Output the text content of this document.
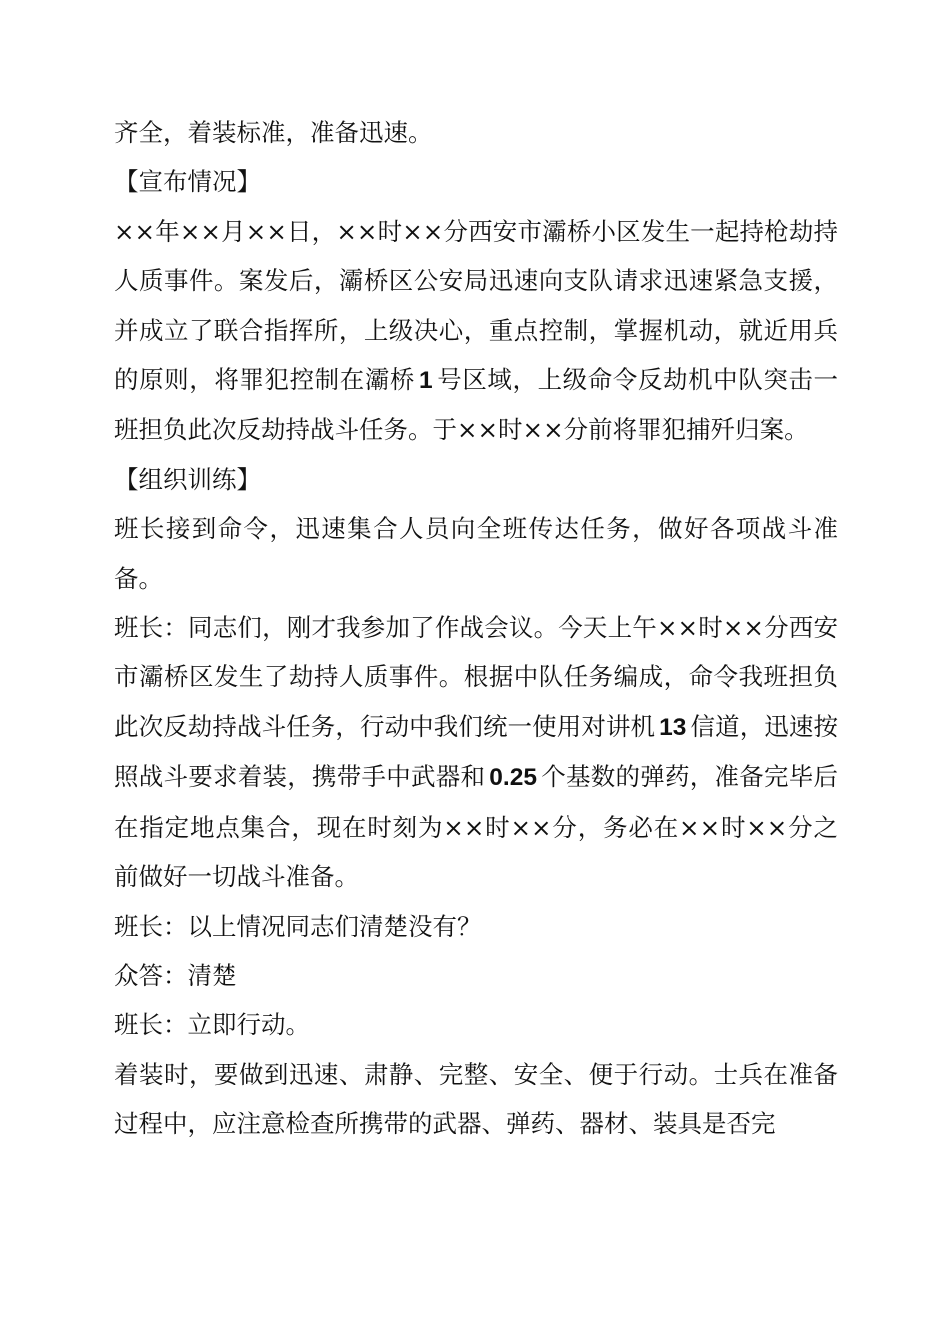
齐全，着装标准，准备迅速。

【宣布情况】

××年××月××日，××时××分西安市灞桥小区发生一起持枪劫持人质事件。案发后，灞桥区公安局迅速向支队请求迅速紧急支援，并成立了联合指挥所，上级决心，重点控制，掌握机动，就近用兵的原则，将罪犯控制在灞桥 1 号区域，上级命令反劫机中队突击一班担负此次反劫持战斗任务。于××时××分前将罪犯捕歼归案。

【组织训练】

班长接到命令，迅速集合人员向全班传达任务，做好各项战斗准备。

班长：同志们，刚才我参加了作战会议。今天上午××时××分西安市灞桥区发生了劫持人质事件。根据中队任务编成，命令我班担负此次反劫持战斗任务，行动中我们统一使用对讲机 13 信道，迅速按照战斗要求着装，携带手中武器和 0.25 个基数的弹药，准备完毕后在指定地点集合，现在时刻为××时××分，务必在××时××分之前做好一切战斗准备。

班长：以上情况同志们清楚没有？

众答：清楚

班长：立即行动。

着装时，要做到迅速、肃静、完整、安全、便于行动。士兵在准备过程中，应注意检查所携带的武器、弹药、器材、装具是否完
